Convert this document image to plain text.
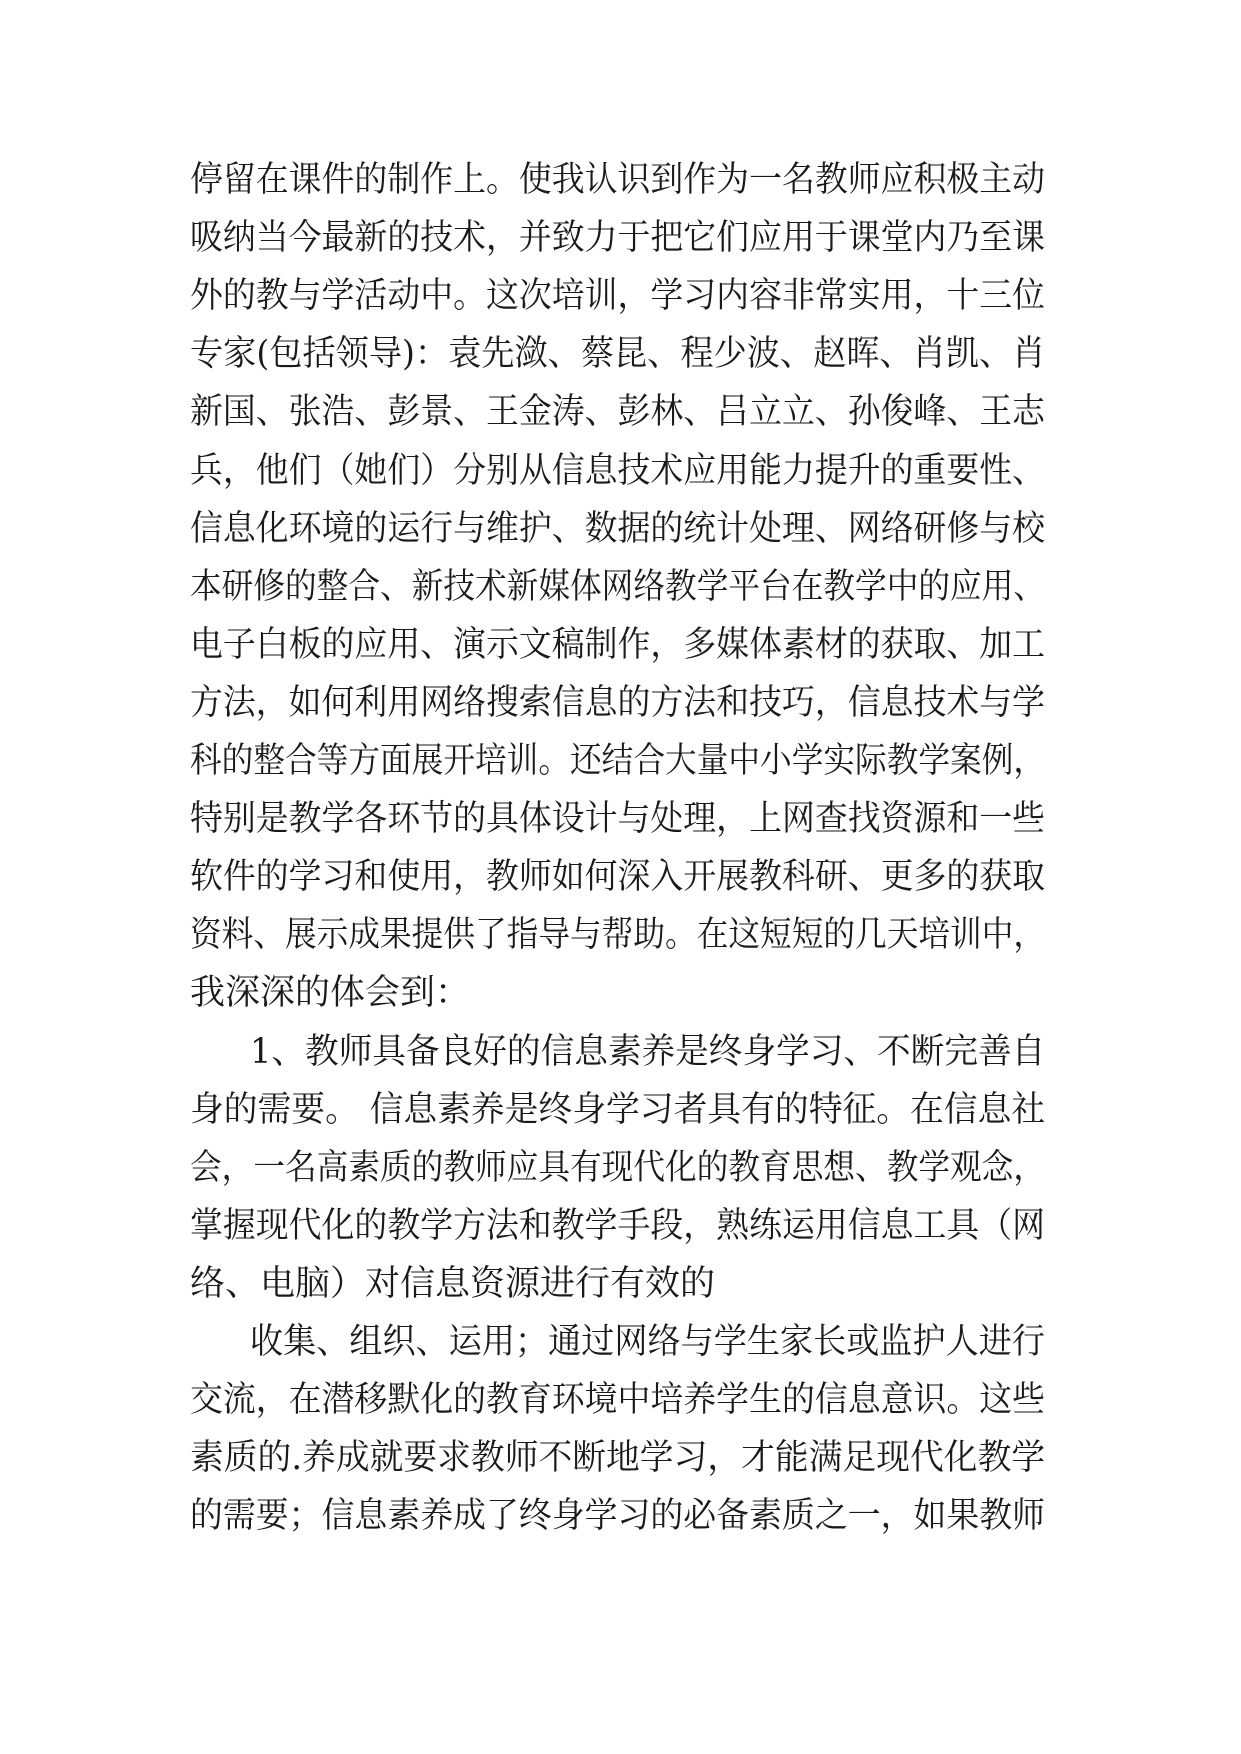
停留在课件的制作上。使我认识到作为一名教师应积极主动
吸纳当今最新的技术，并致力于把它们应用于课堂内乃至课
外的教与学活动中。这次培训，学习内容非常实用，十三位
专家(包括领导)：袁先潋、蔡昆、程少波、赵晖、肖凯、肖
新国、张浩、彭景、王金涛、彭林、吕立立、孙俊峰、王志
兵，他们（她们）分别从信息技术应用能力提升的重要性、
信息化环境的运行与维护、数据的统计处理、网络研修与校
本研修的整合、新技术新媒体网络教学平台在教学中的应用、
电子白板的应用、演示文稿制作，多媒体素材的获取、加工
方法，如何利用网络搜索信息的方法和技巧，信息技术与学
科的整合等方面展开培训。还结合大量中小学实际教学案例，
特别是教学各环节的具体设计与处理，上网查找资源和一些
软件的学习和使用，教师如何深入开展教科研、更多的获取
资料、展示成果提供了指导与帮助。在这短短的几天培训中，
我深深的体会到：
1、教师具备良好的信息素养是终身学习、不断完善自
身的需要。 信息素养是终身学习者具有的特征。在信息社
会，一名高素质的教师应具有现代化的教育思想、教学观念，
掌握现代化的教学方法和教学手段，熟练运用信息工具（网
络、电脑）对信息资源进行有效的
收集、组织、运用；通过网络与学生家长或监护人进行
交流，在潜移默化的教育环境中培养学生的信息意识。这些
素质的.养成就要求教师不断地学习，才能满足现代化教学
的需要；信息素养成了终身学习的必备素质之一，如果教师
